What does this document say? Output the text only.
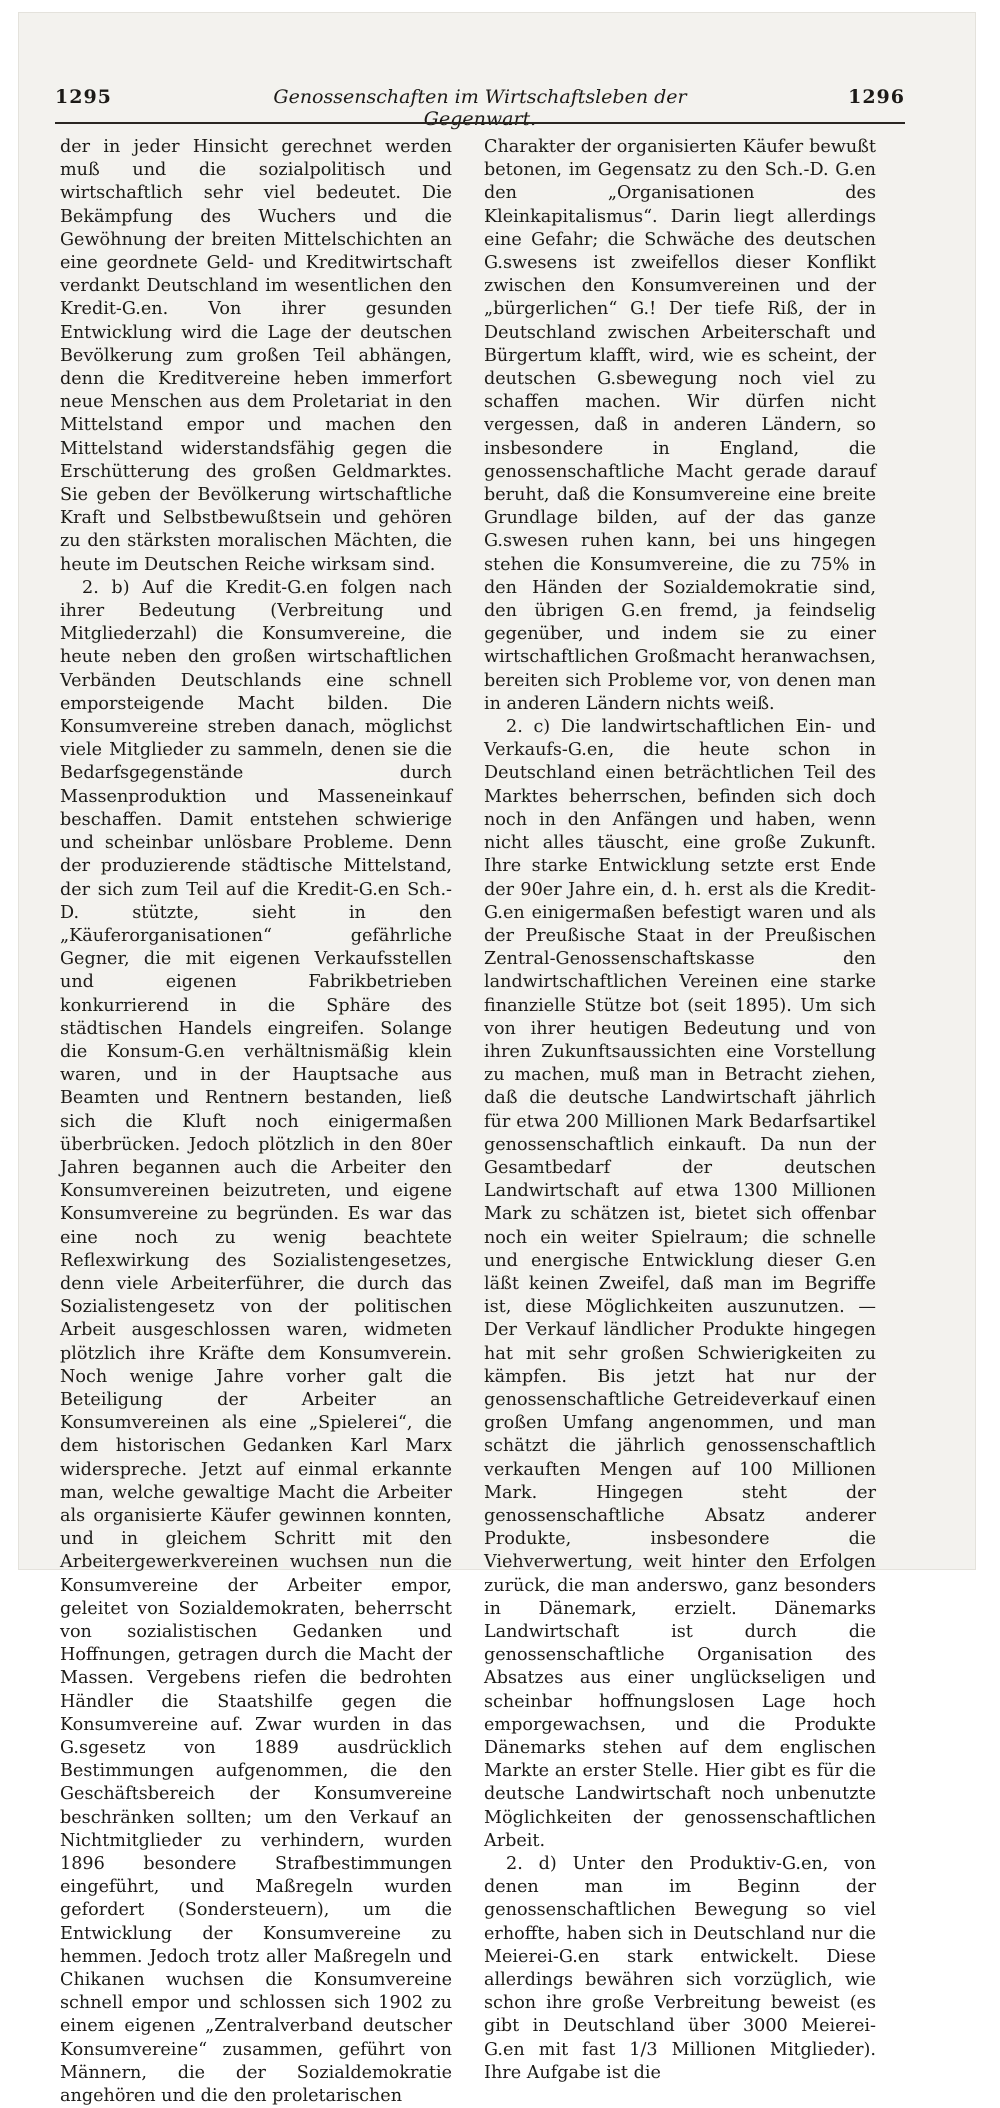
1295	Genossenschaften im Wirtschaftsleben der Gegenwart.
1296

der in jeder Hinsicht gerechnet werden muß und die sozialpolitisch und wirtschaftlich sehr viel bedeutet. Die Bekämpfung des Wuchers und die Gewöhnung der breiten Mittelschichten an eine geordnete Geld- und Kreditwirtschaft verdankt Deutschland im wesentlichen den Kredit-G.en. Von ihrer gesunden Entwicklung wird die Lage der deutschen Bevölkerung zum großen Teil abhängen, denn die Kreditvereine heben immerfort neue Menschen aus dem Proletariat in den Mittelstand empor und machen den Mittelstand widerstandsfähig gegen die Erschütterung des großen Geldmarktes. Sie geben der Bevölkerung wirtschaftliche Kraft und Selbstbewußtsein und gehören zu den stärksten moralischen Mächten, die heute im Deutschen Reiche wirksam sind.

2. b) Auf die Kredit-G.en folgen nach ihrer Bedeutung (Verbreitung und Mitgliederzahl) die Konsumvereine, die heute neben den großen wirtschaftlichen Verbänden Deutschlands eine schnell emporsteigende Macht bilden. Die Konsumvereine streben danach, möglichst viele Mitglieder zu sammeln, denen sie die Bedarfsgegenstände durch Massenproduktion und Masseneinkauf beschaffen. Damit entstehen schwierige und scheinbar unlösbare Probleme. Denn der produzierende städtische Mittelstand, der sich zum Teil auf die Kredit-G.en Sch.-D. stützte, sieht in den „Käuferorganisationen“ gefährliche Gegner, die mit eigenen Verkaufsstellen und eigenen Fabrikbetrieben konkurrierend in die Sphäre des städtischen Handels eingreifen. Solange die Konsum-G.en verhältnismäßig klein waren, und in der Hauptsache aus Beamten und Rentnern bestanden, ließ sich die Kluft noch einigermaßen überbrücken. Jedoch plötzlich in den 80er Jahren begannen auch die Arbeiter den Konsumvereinen beizutreten, und eigene Konsumvereine zu begründen. Es war das eine noch zu wenig beachtete Reflexwirkung des Sozialistengesetzes, denn viele Arbeiterführer, die durch das Sozialistengesetz von der politischen Arbeit ausgeschlossen waren, widmeten plötzlich ihre Kräfte dem Konsumverein. Noch wenige Jahre vorher galt die Beteiligung der Arbeiter an Konsumvereinen als eine „Spielerei“, die dem historischen Gedanken Karl Marx widerspreche. Jetzt auf einmal erkannte man, welche gewaltige Macht die Arbeiter als organisierte Käufer gewinnen konnten, und in gleichem Schritt mit den Arbeitergewerkvereinen wuchsen nun die Konsumvereine der Arbeiter empor, geleitet von Sozialdemokraten, beherrscht von sozialistischen Gedanken und Hoffnungen, getragen durch die Macht der Massen. Vergebens riefen die bedrohten Händler die Staatshilfe gegen die Konsumvereine auf. Zwar wurden in das G.sgesetz von 1889 ausdrücklich Bestimmungen aufgenommen, die den Geschäftsbereich der Konsumvereine beschränken sollten; um den Verkauf an Nichtmitglieder zu verhindern, wurden 1896 besondere Strafbestimmungen eingeführt, und Maßregeln wurden gefordert (Sondersteuern), um die Entwicklung der Konsumvereine zu hemmen. Jedoch trotz aller Maßregeln und Chikanen wuchsen die Konsumvereine schnell empor und schlossen sich 1902 zu einem eigenen „Zentralverband deutscher Konsumvereine“ zusammen, geführt von Männern, die der Sozialdemokratie angehören und die den proletarischen

Charakter der organisierten Käufer bewußt betonen, im Gegensatz zu den Sch.-D. G.en den „Organisationen des Kleinkapitalismus“. Darin liegt allerdings eine Gefahr; die Schwäche des deutschen G.swesens ist zweifellos dieser Konflikt zwischen den Konsumvereinen und der „bürgerlichen“ G.! Der tiefe Riß, der in Deutschland zwischen Arbeiterschaft und Bürgertum klafft, wird, wie es scheint, der deutschen G.sbewegung noch viel zu schaffen machen. Wir dürfen nicht vergessen, daß in anderen Ländern, so insbesondere in England, die genossenschaftliche Macht gerade darauf beruht, daß die Konsumvereine eine breite Grundlage bilden, auf der das ganze G.swesen ruhen kann, bei uns hingegen stehen die Konsumvereine, die zu 75% in den Händen der Sozialdemokratie sind, den übrigen G.en fremd, ja feindselig gegenüber, und indem sie zu einer wirtschaftlichen Großmacht heranwachsen, bereiten sich Probleme vor, von denen man in anderen Ländern nichts weiß.

2. c) Die landwirtschaftlichen Ein- und Verkaufs-G.en, die heute schon in Deutschland einen beträchtlichen Teil des Marktes beherrschen, befinden sich doch noch in den Anfängen und haben, wenn nicht alles täuscht, eine große Zukunft. Ihre starke Entwicklung setzte erst Ende der 90er Jahre ein, d. h. erst als die Kredit-G.en einigermaßen befestigt waren und als der Preußische Staat in der Preußischen Zentral-Genossenschaftskasse den landwirtschaftlichen Vereinen eine starke finanzielle Stütze bot (seit 1895). Um sich von ihrer heutigen Bedeutung und von ihren Zukunftsaussichten eine Vorstellung zu machen, muß man in Betracht ziehen, daß die deutsche Landwirtschaft jährlich für etwa 200 Millionen Mark Bedarfsartikel genossenschaftlich einkauft. Da nun der Gesamtbedarf der deutschen Landwirtschaft auf etwa 1300 Millionen Mark zu schätzen ist, bietet sich offenbar noch ein weiter Spielraum; die schnelle und energische Entwicklung dieser G.en läßt keinen Zweifel, daß man im Begriffe ist, diese Möglichkeiten auszunutzen. — Der Verkauf ländlicher Produkte hingegen hat mit sehr großen Schwierigkeiten zu kämpfen. Bis jetzt hat nur der genossenschaftliche Getreideverkauf einen großen Umfang angenommen, und man schätzt die jährlich genossenschaftlich verkauften Mengen auf 100 Millionen Mark. Hingegen steht der genossenschaftliche Absatz anderer Produkte, insbesondere die Viehverwertung, weit hinter den Erfolgen zurück, die man anderswo, ganz besonders in Dänemark, erzielt. Dänemarks Landwirtschaft ist durch die genossenschaftliche Organisation des Absatzes aus einer unglückseligen und scheinbar hoffnungslosen Lage hoch emporgewachsen, und die Produkte Dänemarks stehen auf dem englischen Markte an erster Stelle. Hier gibt es für die deutsche Landwirtschaft noch unbenutzte Möglichkeiten der genossenschaftlichen Arbeit.

2. d) Unter den Produktiv-G.en, von denen man im Beginn der genossenschaftlichen Bewegung so viel erhoffte, haben sich in Deutschland nur die Meierei-G.en stark entwickelt. Diese allerdings bewähren sich vorzüglich, wie schon ihre große Verbreitung beweist (es gibt in Deutschland über 3000 Meierei-G.en mit fast 1/3 Millionen Mitglieder). Ihre Aufgabe ist die
